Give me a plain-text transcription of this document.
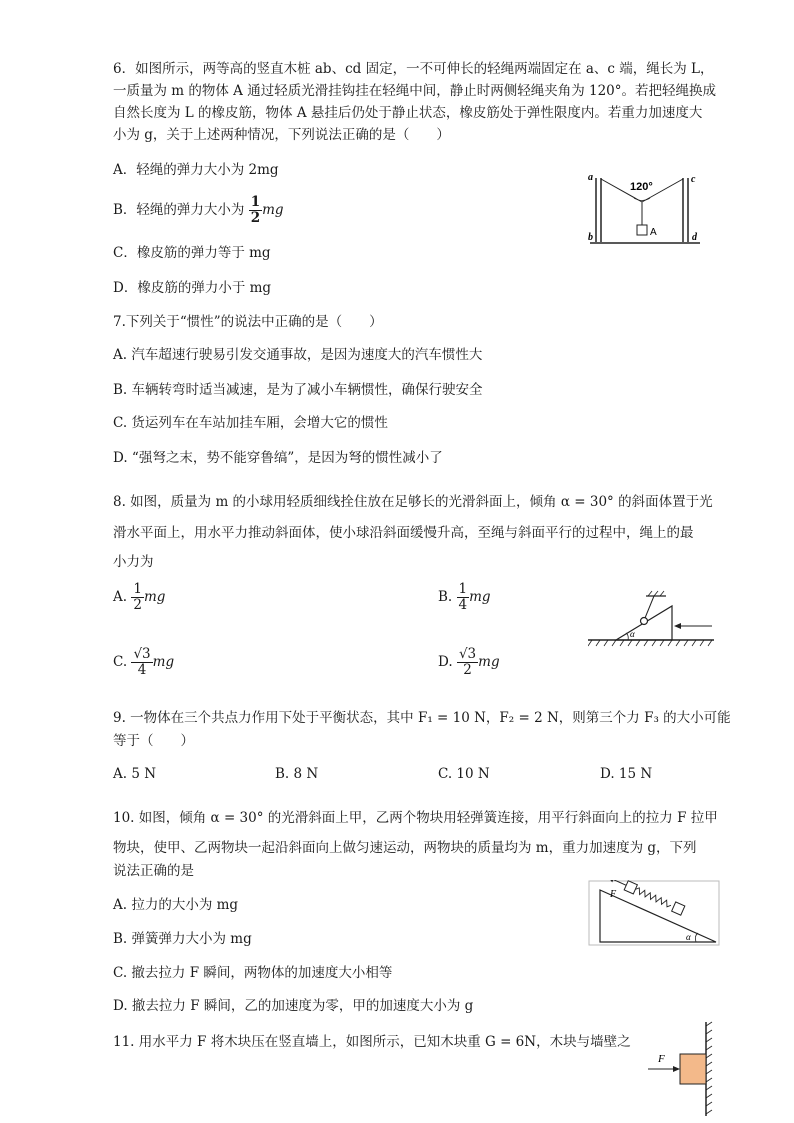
6．如图所示，两等高的竖直木桩 ab、cd 固定，一不可伸长的轻绳两端固定在 a、c 端，绳长为 L，
一质量为 m 的物体 A 通过轻质光滑挂钩挂在轻绳中间，静止时两侧轻绳夹角为 120°。若把轻绳换成
自然长度为 L 的橡皮筋，物体 A 悬挂后仍处于静止状态，橡皮筋处于弹性限度内。若重力加速度大
小为 g，关于上述两种情况，下列说法正确的是（　　）
A．轻绳的弹力大小为 2mg
B．轻绳的弹力大小为 $\frac{1}{2}$ mg
C．橡皮筋的弹力等于 mg
D．橡皮筋的弹力小于 mg
120°
a	c
b	d
A
7.下列关于“惯性”的说法中正确的是（　　）
A. 汽车超速行驶易引发交通事故，是因为速度大的汽车惯性大
B. 车辆转弯时适当减速，是为了减小车辆惯性，确保行驶安全
C. 货运列车在车站加挂车厢，会增大它的惯性
D. “强弩之末，势不能穿鲁缟”，是因为弩的惯性减小了
8. 如图，质量为 m 的小球用轻质细线拴住放在足够长的光滑斜面上，倾角 α = 30° 的斜面体置于光
滑水平面上，用水平力推动斜面体，使小球沿斜面缓慢升高，至绳与斜面平行的过程中，绳上的最
小力为
A. $\frac{1}{2}$ mg	B. $\frac{1}{4}$ mg
C. $\frac{√3}{4}$ mg	D. $\frac{√3}{2}$ mg
α
9. 一物体在三个共点力作用下处于平衡状态，其中 F₁ = 10 N，F₂ = 2 N，则第三个力 F₃ 的大小可能
等于（　　）
A. 5 N	B. 8 N	C. 10 N	D. 15 N
10. 如图，倾角 α = 30° 的光滑斜面上甲，乙两个物块用轻弹簧连接，用平行斜面向上的拉力 F 拉甲
物块，使甲、乙两物块一起沿斜面向上做匀速运动，两物块的质量均为 m，重力加速度为 g，下列
说法正确的是
A. 拉力的大小为 mg
B. 弹簧弹力大小为 mg
C. 撤去拉力 F 瞬间，两物体的加速度大小相等
D. 撤去拉力 F 瞬间，乙的加速度为零，甲的加速度大小为 g
F
α
11. 用水平力 F 将木块压在竖直墙上，如图所示，已知木块重 G = 6N，木块与墙壁之
F
